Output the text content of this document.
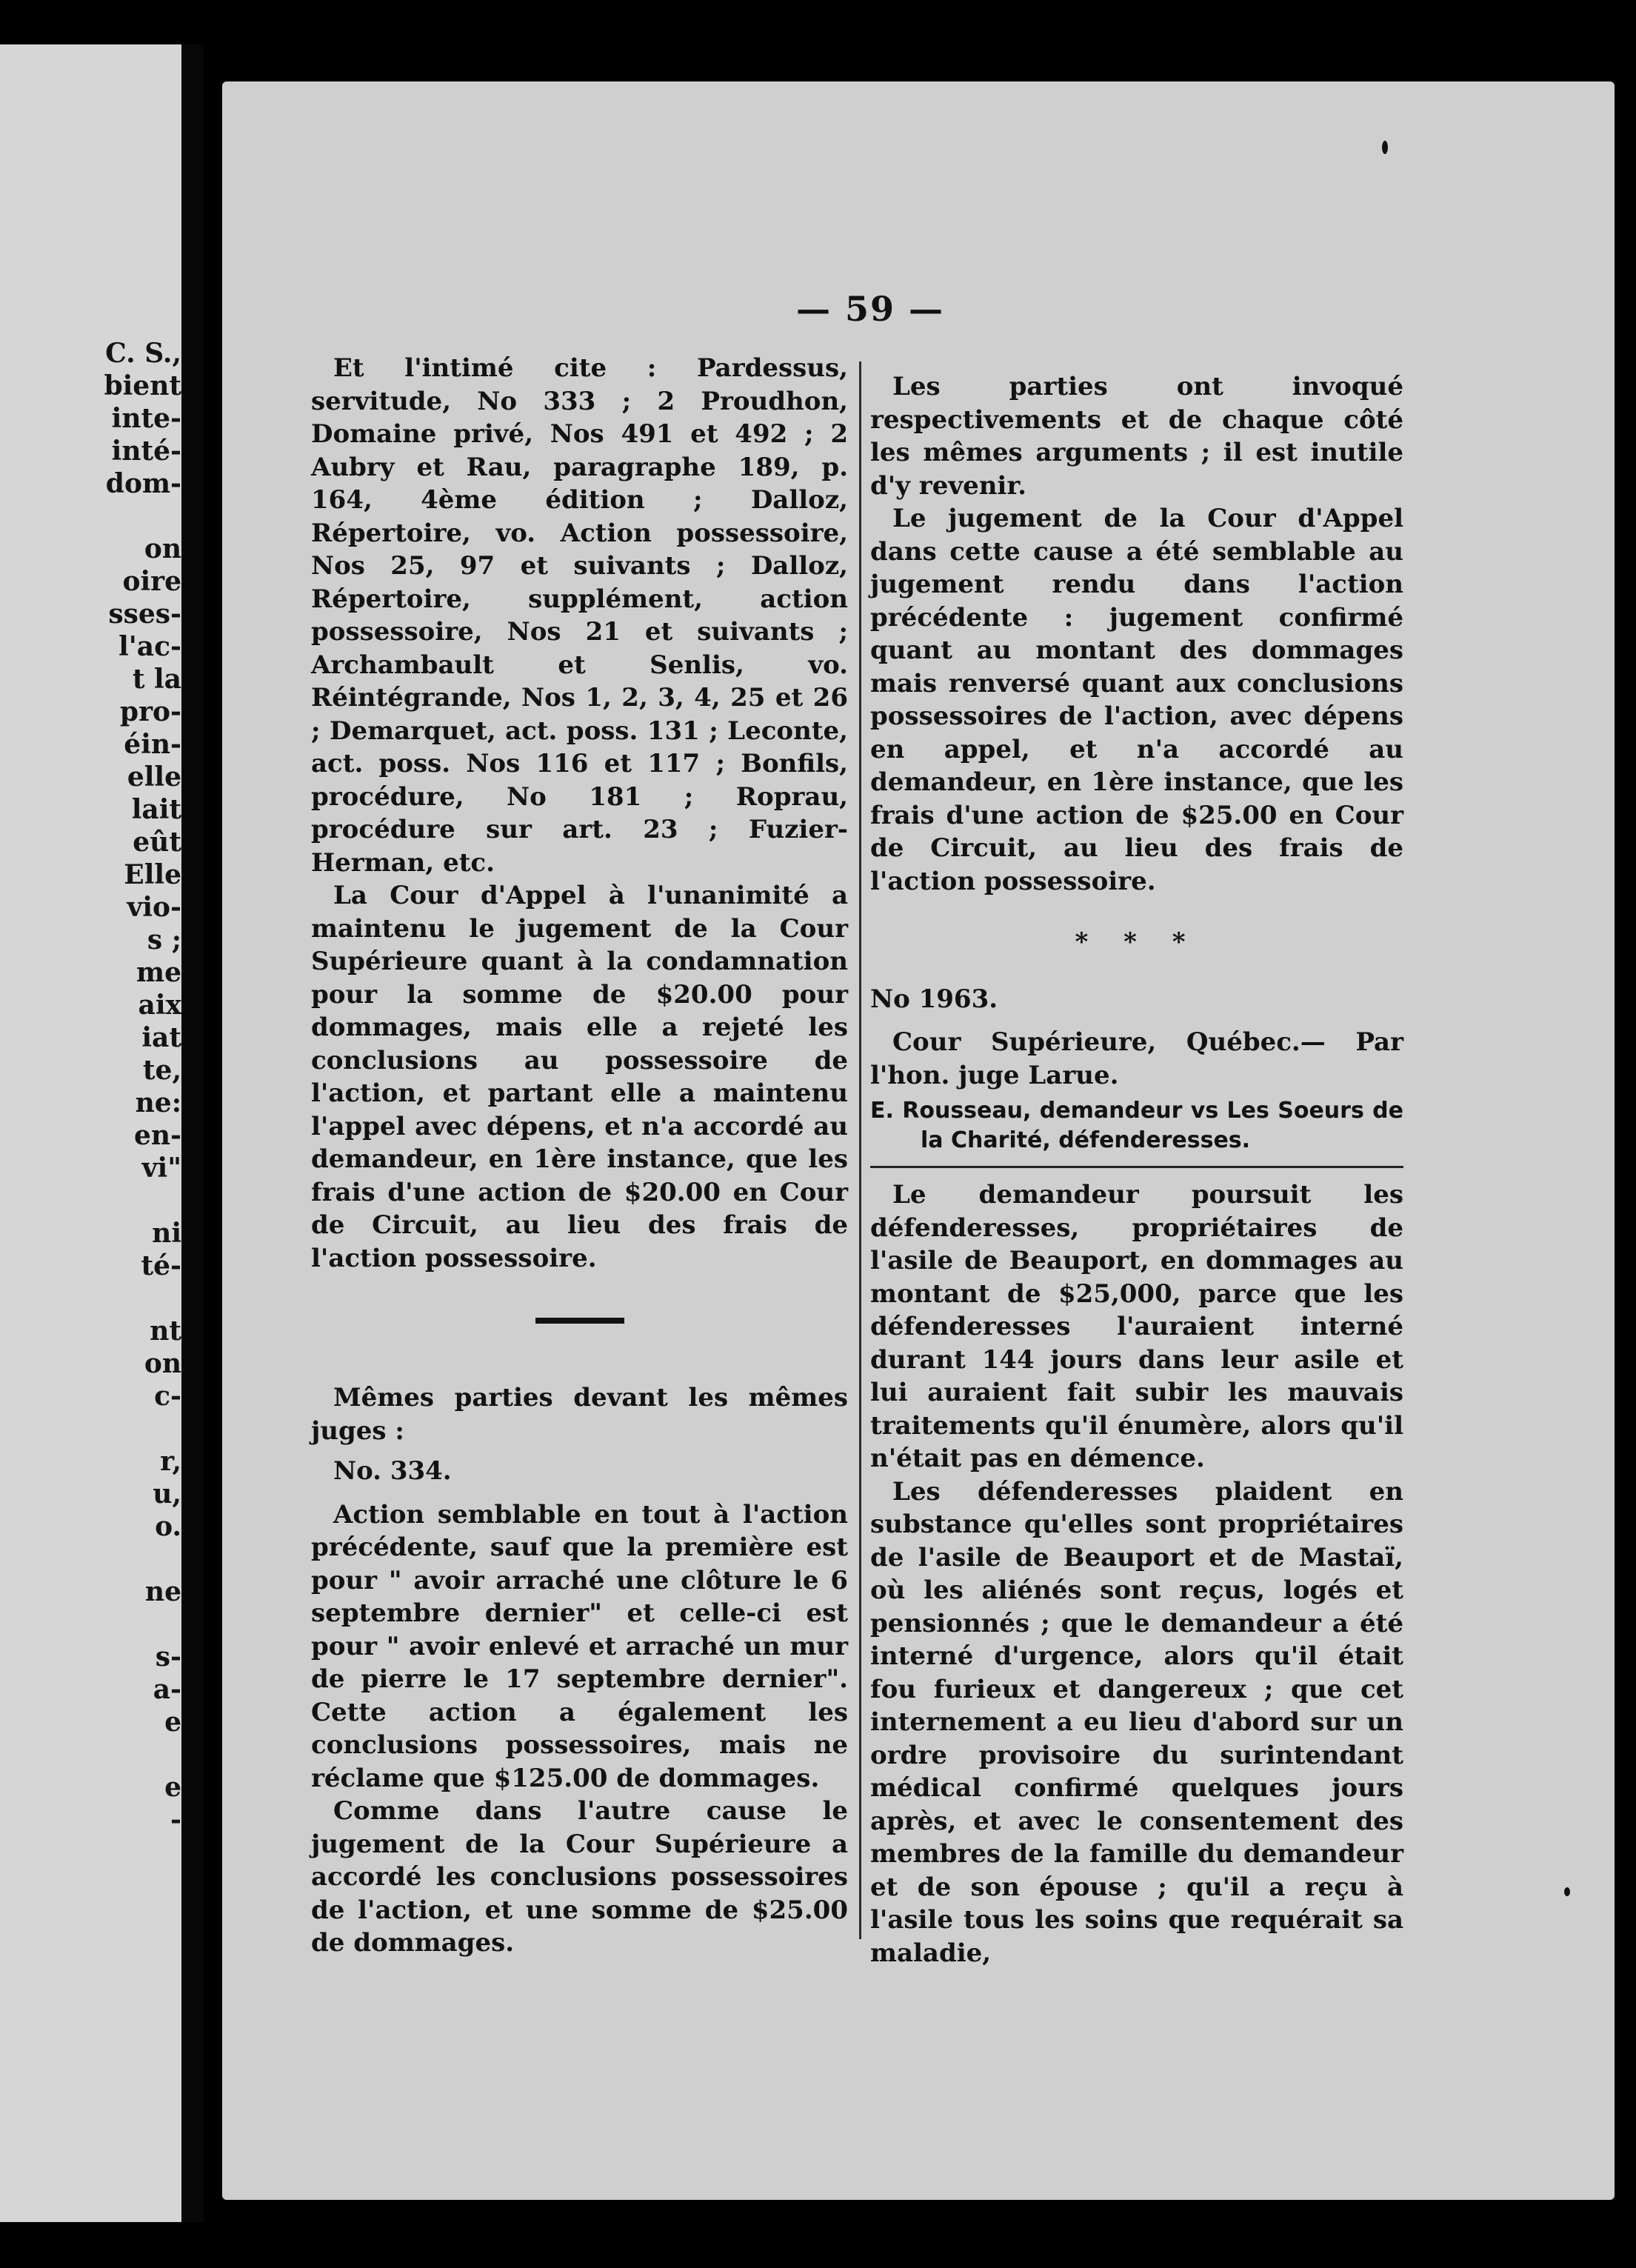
C. S.,
bient
inte-
inté-
dom-
on
oire
sses-
l'ac-
t la
pro-
éin-
elle
lait
eût
Elle
vio-
s ;
me
aix
iat
te,
ne:
en-
vi"
ni
té-
nt
on
c-
r,
u,
o.
ne
s-
a-
e
e
-
— 59 —

Et l'intimé cite : Pardessus, servitude, No 333 ; 2 Proudhon, Domaine privé, Nos 491 et 492 ; 2 Aubry et Rau, paragraphe 189, p. 164, 4ème édition ; Dalloz, Répertoire, vo. Action possessoire, Nos 25, 97 et suivants ; Dalloz, Répertoire, supplément, action possessoire, Nos 21 et suivants ; Archambault et Senlis, vo. Réintégrande, Nos 1, 2, 3, 4, 25 et 26 ; Demarquet, act. poss. 131 ; Leconte, act. poss. Nos 116 et 117 ; Bonfils, procédure, No 181 ; Roprau, procédure sur art. 23 ; Fuzier-Herman, etc.

La Cour d'Appel à l'unanimité a maintenu le jugement de la Cour Supérieure quant à la condamnation pour la somme de $20.00 pour dommages, mais elle a rejeté les conclusions au possessoire de l'action, et partant elle a maintenu l'appel avec dépens, et n'a accordé au demandeur, en 1ère instance, que les frais d'une action de $20.00 en Cour de Circuit, au lieu des frais de l'action possessoire.

Mêmes parties devant les mêmes juges :

No. 334.

Action semblable en tout à l'action précédente, sauf que la première est pour " avoir arraché une clôture le 6 septembre dernier" et celle-ci est pour " avoir enlevé et arraché un mur de pierre le 17 septembre dernier". Cette action a également les conclusions possessoires, mais ne réclame que $125.00 de dommages.

Comme dans l'autre cause le jugement de la Cour Supérieure a accordé les conclusions possessoires de l'action, et une somme de $25.00 de dommages.

Les parties ont invoqué respectivements et de chaque côté les mêmes arguments ; il est inutile d'y revenir.

Le jugement de la Cour d'Appel dans cette cause a été semblable au jugement rendu dans l'action précédente : jugement confirmé quant au montant des dommages mais renversé quant aux conclusions possessoires de l'action, avec dépens en appel, et n'a accordé au demandeur, en 1ère instance, que les frais d'une action de $25.00 en Cour de Circuit, au lieu des frais de l'action possessoire.

* * *

No 1963.

Cour Supérieure, Québec.— Par l'hon. juge Larue.

E. Rousseau, demandeur vs Les Soeurs de la Charité, défenderesses.

Le demandeur poursuit les défenderesses, propriétaires de l'asile de Beauport, en dommages au montant de $25,000, parce que les défenderesses l'auraient interné durant 144 jours dans leur asile et lui auraient fait subir les mauvais traitements qu'il énumère, alors qu'il n'était pas en démence.

Les défenderesses plaident en substance qu'elles sont propriétaires de l'asile de Beauport et de Mastaï, où les aliénés sont reçus, logés et pensionnés ; que le demandeur a été interné d'urgence, alors qu'il était fou furieux et dangereux ; que cet internement a eu lieu d'abord sur un ordre provisoire du surintendant médical confirmé quelques jours après, et avec le consentement des membres de la famille du demandeur et de son épouse ; qu'il a reçu à l'asile tous les soins que requérait sa maladie,
